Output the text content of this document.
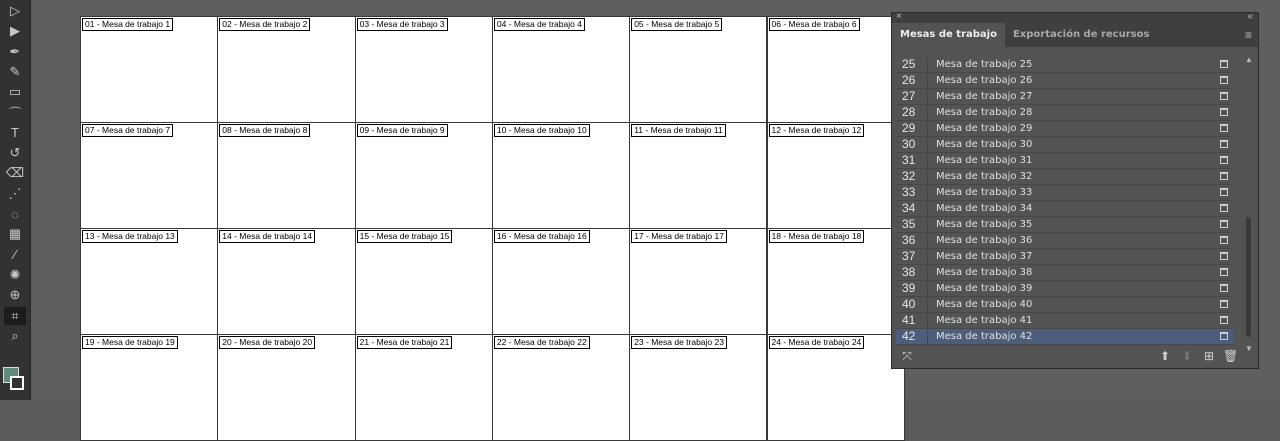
▷
▶
✒
✎
▭
⌒
T
↺
⌫
⋰
◌
▦
⁄
✺
⊕
⌗
⌕
01 - Mesa de trabajo 1	02 - Mesa de trabajo 2	03 - Mesa de trabajo 3	04 - Mesa de trabajo 4	05 - Mesa de trabajo 5	06 - Mesa de trabajo 6
07 - Mesa de trabajo 7	08 - Mesa de trabajo 8	09 - Mesa de trabajo 9	10 - Mesa de trabajo 10	11 - Mesa de trabajo 11	12 - Mesa de trabajo 12
13 - Mesa de trabajo 13	14 - Mesa de trabajo 14	15 - Mesa de trabajo 15	16 - Mesa de trabajo 16	17 - Mesa de trabajo 17	18 - Mesa de trabajo 18
19 - Mesa de trabajo 19	20 - Mesa de trabajo 20	21 - Mesa de trabajo 21	22 - Mesa de trabajo 22	23 - Mesa de trabajo 23	24 - Mesa de trabajo 24
×	«
Mesas de trabajo	Exportación de recursos	≡
25 Mesa de trabajo 25
26 Mesa de trabajo 26
27 Mesa de trabajo 27
28 Mesa de trabajo 28
29 Mesa de trabajo 29
30 Mesa de trabajo 30
31 Mesa de trabajo 31
32 Mesa de trabajo 32
33 Mesa de trabajo 33
34 Mesa de trabajo 34
35 Mesa de trabajo 35
36 Mesa de trabajo 36
37 Mesa de trabajo 37
38 Mesa de trabajo 38
39 Mesa de trabajo 39
40 Mesa de trabajo 40
41 Mesa de trabajo 41
42 Mesa de trabajo 42
▲
▼
⤧	⬆ ⬇ ⊞ 🗑
